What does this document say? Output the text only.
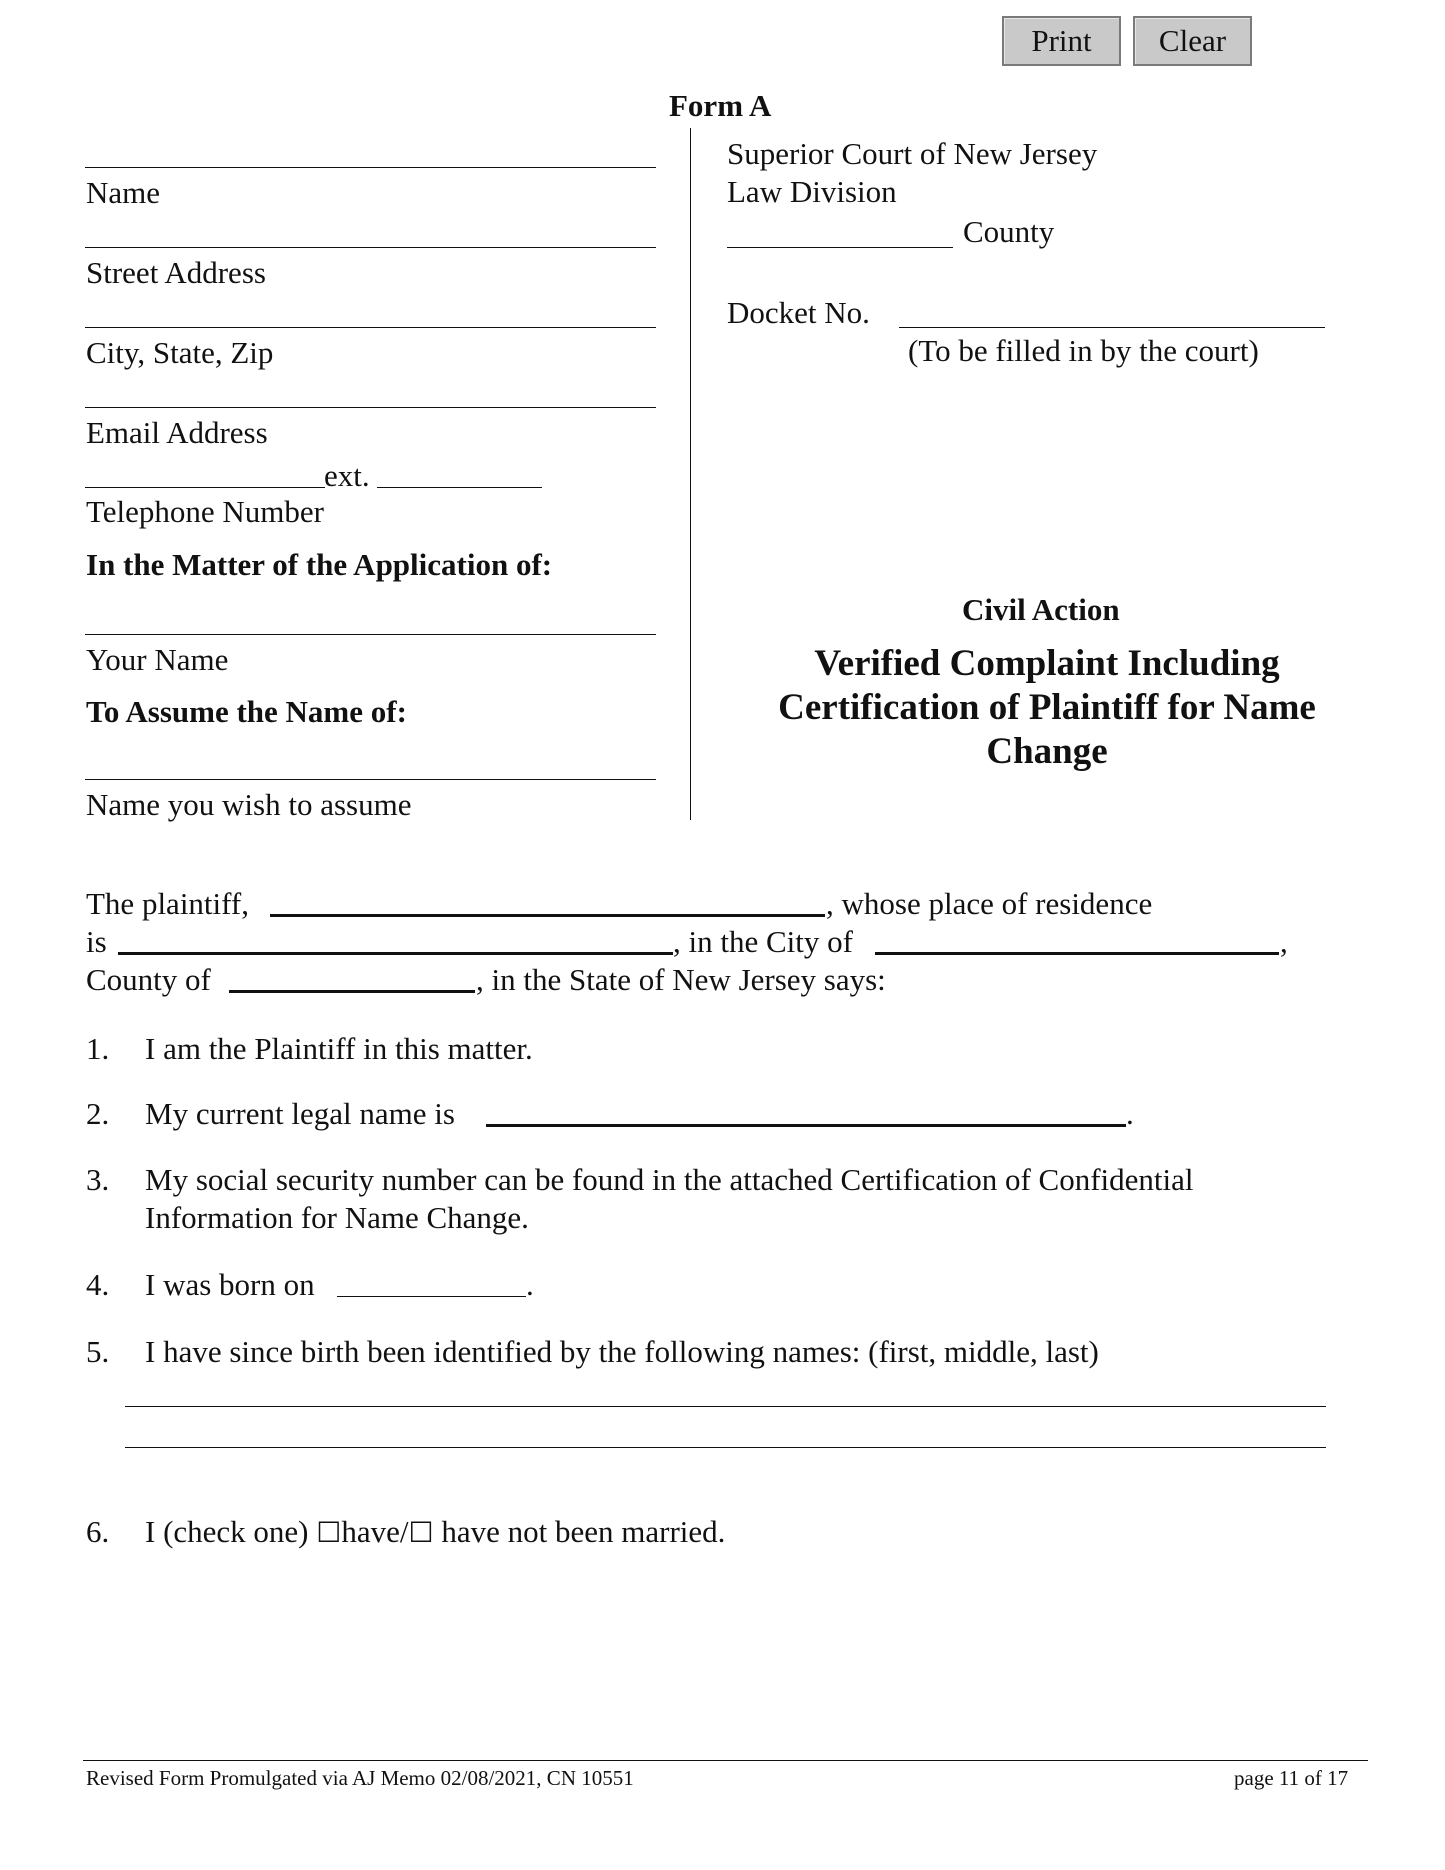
Print	Clear
Form A
Name
Street Address
City, State, Zip
Email Address
ext.
Telephone Number
In the Matter of the Application of:
Your Name
To Assume the Name of:
Name you wish to assume
Superior Court of New Jersey
Law Division
County
Docket No.
(To be filled in by the court)
Civil Action
Verified Complaint Including
Certification of Plaintiff for Name
Change
The plaintiff,	, whose place of residence
is	, in the City of	,
County of	, in the State of New Jersey says:
1. I am the Plaintiff in this matter.
2. My current legal name is	.
3. My social security number can be found in the attached Certification of Confidential
Information for Name Change.
4. I was born on	.
5. I have since birth been identified by the following names: (first, middle, last)
6. I (check one) ☐have/☐ have not been married.
Revised Form Promulgated via AJ Memo 02/08/2021, CN 10551	page 11 of 17
